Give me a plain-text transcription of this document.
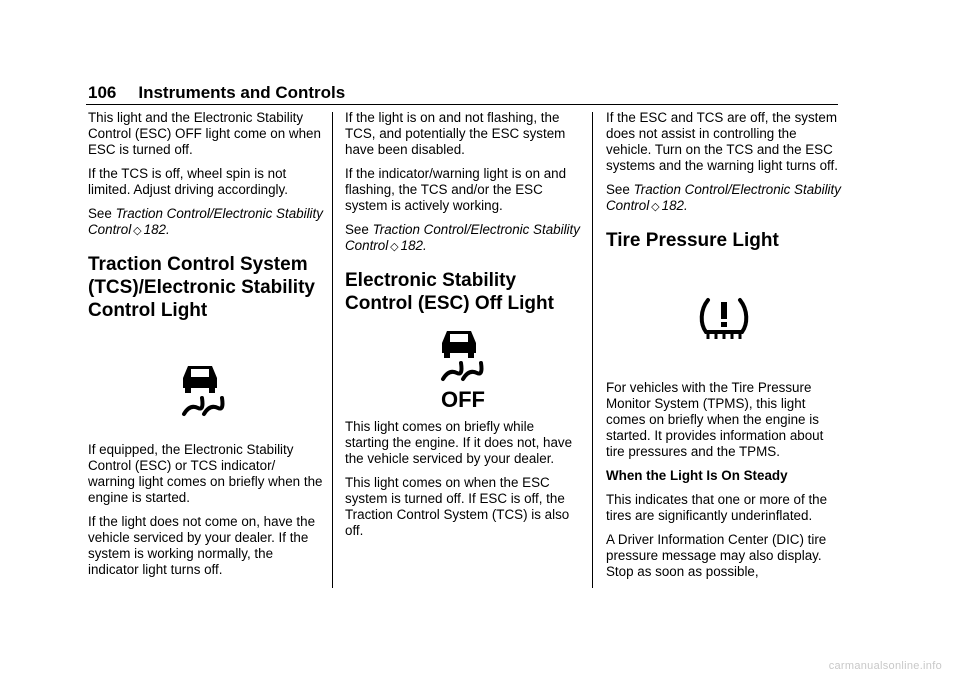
106 Instruments and Controls

This light and the Electronic Stability Control (ESC) OFF light come on when ESC is turned off.

If the TCS is off, wheel spin is not limited. Adjust driving accordingly.

See Traction Control/Electronic Stability Control ◇ 182.

Traction Control System (TCS)/Electronic Stability Control Light

If equipped, the Electronic Stability Control (ESC) or TCS indicator/ warning light comes on briefly when the engine is started.

If the light does not come on, have the vehicle serviced by your dealer. If the system is working normally, the indicator light turns off.

If the light is on and not flashing, the TCS, and potentially the ESC system have been disabled.

If the indicator/warning light is on and flashing, the TCS and/or the ESC system is actively working.

See Traction Control/Electronic Stability Control ◇ 182.

Electronic Stability Control (ESC) Off Light
OFF

This light comes on briefly while starting the engine. If it does not, have the vehicle serviced by your dealer.

This light comes on when the ESC system is turned off. If ESC is off, the Traction Control System (TCS) is also off.

If the ESC and TCS are off, the system does not assist in controlling the vehicle. Turn on the TCS and the ESC systems and the warning light turns off.

See Traction Control/Electronic Stability Control ◇ 182.

Tire Pressure Light

For vehicles with the Tire Pressure Monitor System (TPMS), this light comes on briefly when the engine is started. It provides information about tire pressures and the TPMS.

When the Light Is On Steady

This indicates that one or more of the tires are significantly underinflated.

A Driver Information Center (DIC) tire pressure message may also display. Stop as soon as possible,

carmanualsonline.info
